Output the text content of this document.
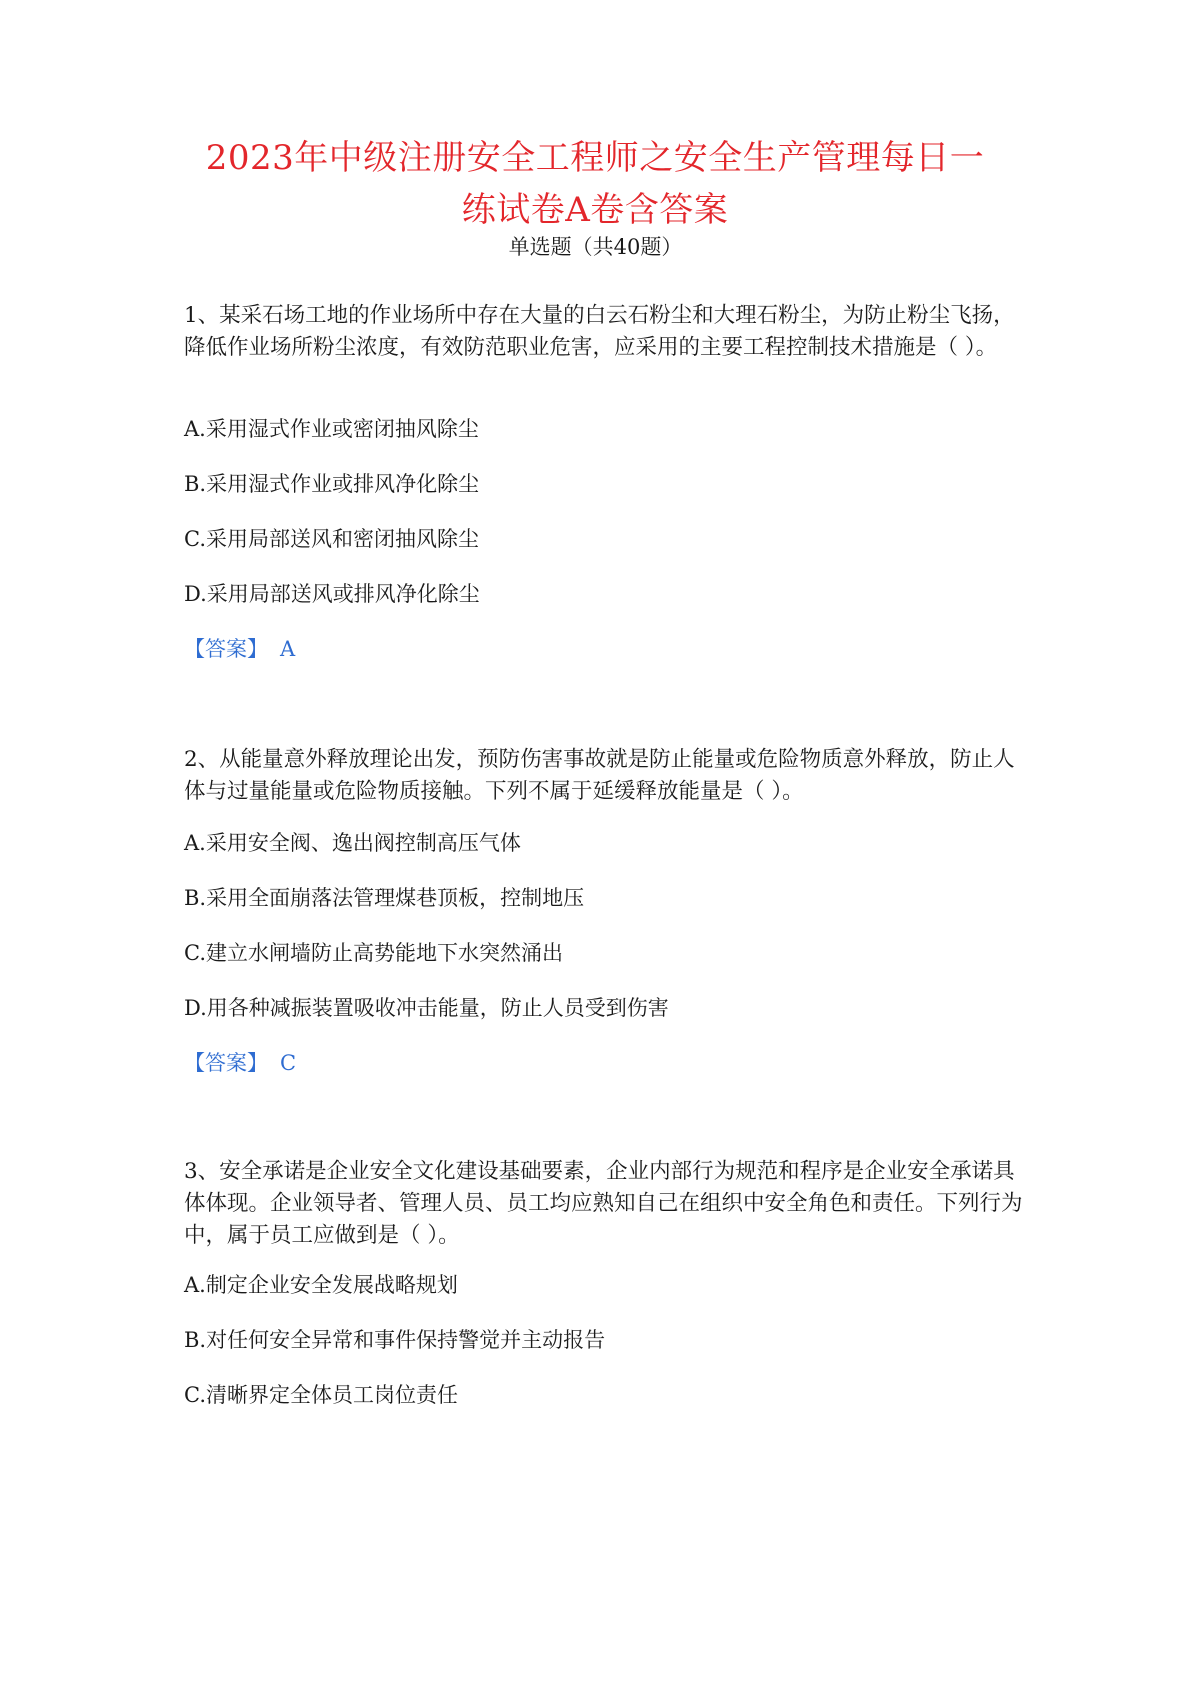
2023年中级注册安全工程师之安全生产管理每日一
练试卷A卷含答案

单选题（共40题）

1、某采石场工地的作业场所中存在大量的白云石粉尘和大理石粉尘，为防止粉尘飞扬，降低作业场所粉尘浓度，有效防范职业危害，应采用的主要工程控制技术措施是（ ）。

A.采用湿式作业或密闭抽风除尘

B.采用湿式作业或排风净化除尘

C.采用局部送风和密闭抽风除尘

D.采用局部送风或排风净化除尘

【答案】 A

2、从能量意外释放理论出发，预防伤害事故就是防止能量或危险物质意外释放，防止人体与过量能量或危险物质接触。下列不属于延缓释放能量是（ ）。

A.采用安全阀、逸出阀控制高压气体

B.采用全面崩落法管理煤巷顶板，控制地压

C.建立水闸墙防止高势能地下水突然涌出

D.用各种减振装置吸收冲击能量，防止人员受到伤害

【答案】 C

3、安全承诺是企业安全文化建设基础要素，企业内部行为规范和程序是企业安全承诺具体体现。企业领导者、管理人员、员工均应熟知自己在组织中安全角色和责任。下列行为中，属于员工应做到是（ ）。

A.制定企业安全发展战略规划

B.对任何安全异常和事件保持警觉并主动报告

C.清晰界定全体员工岗位责任
